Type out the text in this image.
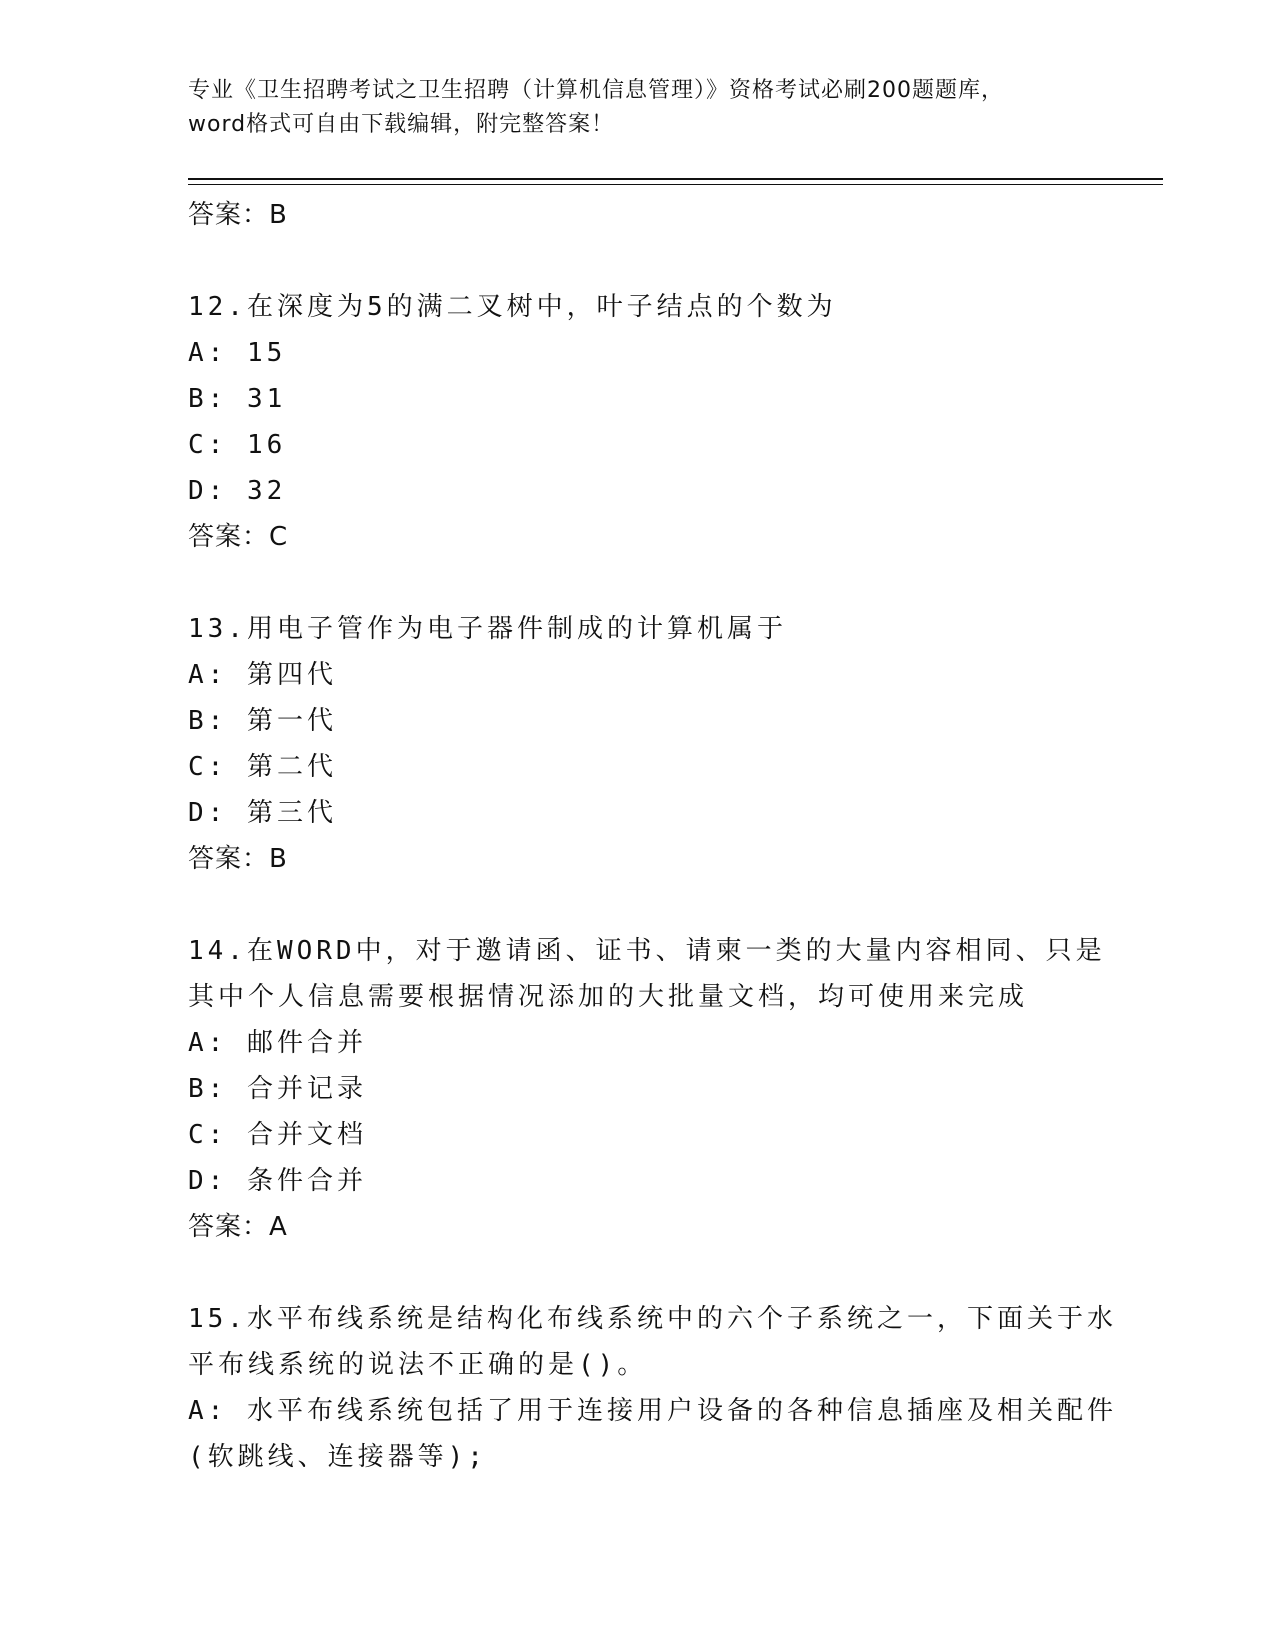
专业《卫生招聘考试之卫生招聘（计算机信息管理）》资格考试必刷200题题库，
word格式可自由下载编辑，附完整答案！
答案：B
12.在深度为5的满二叉树中，叶子结点的个数为
A: 15
B: 31
C: 16
D: 32
答案：C
13.用电子管作为电子器件制成的计算机属于
A: 第四代
B: 第一代
C: 第二代
D: 第三代
答案：B
14.在WORD中，对于邀请函、证书、请柬一类的大量内容相同、只是
其中个人信息需要根据情况添加的大批量文档，均可使用来完成
A: 邮件合并
B: 合并记录
C: 合并文档
D: 条件合并
答案：A
15.水平布线系统是结构化布线系统中的六个子系统之一，下面关于水
平布线系统的说法不正确的是()。
A: 水平布线系统包括了用于连接用户设备的各种信息插座及相关配件
(软跳线、连接器等);
